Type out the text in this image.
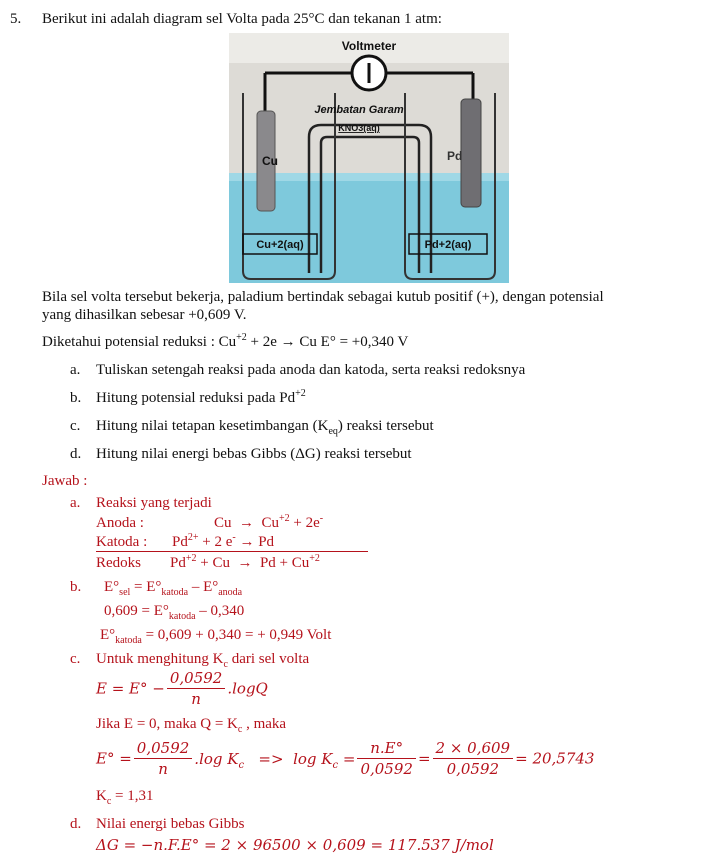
5. Berikut ini adalah diagram sel Volta pada 25°C dan tekanan 1 atm:
Voltmeter
Jembatan Garam
KNO3(aq)
Cu	Pd
Cu+2(aq)	Pd+2(aq)
Bila sel volta tersebut bekerja, paladium bertindak sebagai kutub positif (+), dengan potensial
yang dihasilkan sebesar +0,609 V.
Diketahui potensial reduksi : $Cu^{+2} + 2e \to Cu$ E° = +0,340 V
a. Tuliskan setengah reaksi pada anoda dan katoda, serta reaksi redoksnya
b. Hitung potensial reduksi pada $Pd^{+2}$
c. Hitung nilai tetapan kesetimbangan $(K_{eq})$ reaksi tersebut
d. Hitung nilai energi bebas Gibbs (ΔG) reaksi tersebut
Jawab :
a. Reaksi yang terjadi
Anoda :	$Cu \to Cu^{+2} + 2e^-$
Katoda : $Pd^{2+} + 2$ e- → Pd
Redoks $Pd^{+2} + Cu \to Pd + Cu^{+2}$
b. $E^\circ_{sel} = E^\circ_{katoda} - E^\circ_{anoda}$
$0,609 = E^\circ_{katoda} - 0,340$
$E^\circ_{katoda} = 0,609 + 0,340$ = + 0,949 Volt
c. Untuk menghitung $K_c$ dari sel volta
$E = E^\circ - \frac{0,0592}{n} .\log Q$
Jika E = 0, maka $Q = K_c$ , maka
$E^\circ = \frac{0,0592}{n} .\log$ $K_c => \log K_c = \frac{n.E^\circ}{0,0592} = \frac{2 \times 0,609}{0,0592} = 20,5743$
$K_c = 1,31$
d. Nilai energi bebas Gibbs
ΔG = −n.F.E° = 2 × 96500 × 0,609 = 117.537 J/mol
